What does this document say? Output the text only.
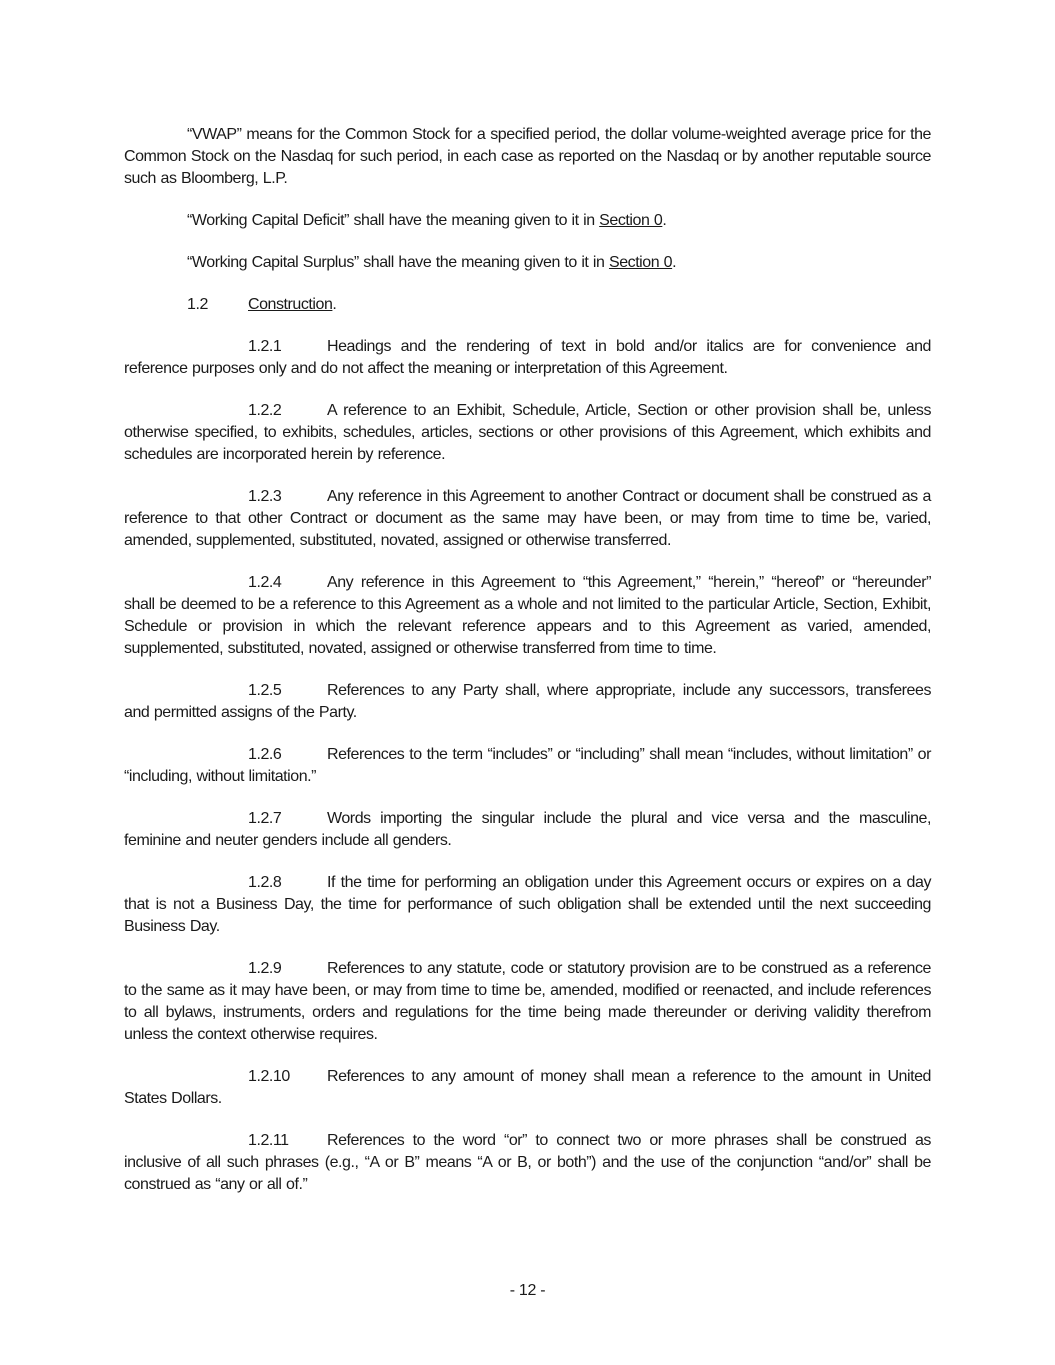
“VWAP” means for the Common Stock for a specified period, the dollar volume-weighted average price for the Common Stock on the Nasdaq for such period, in each case as reported on the Nasdaq or by another reputable source such as Bloomberg, L.P.

“Working Capital Deficit” shall have the meaning given to it in Section 0.

“Working Capital Surplus” shall have the meaning given to it in Section 0.

1.2	Construction.

1.2.1	Headings and the rendering of text in bold and/or italics are for convenience and reference purposes only and do not affect the meaning or interpretation of this Agreement.

1.2.2	A reference to an Exhibit, Schedule, Article, Section or other provision shall be, unless otherwise specified, to exhibits, schedules, articles, sections or other provisions of this Agreement, which exhibits and schedules are incorporated herein by reference.

1.2.3	Any reference in this Agreement to another Contract or document shall be construed as a reference to that other Contract or document as the same may have been, or may from time to time be, varied, amended, supplemented, substituted, novated, assigned or otherwise transferred.

1.2.4	Any reference in this Agreement to “this Agreement,” “herein,” “hereof” or “hereunder” shall be deemed to be a reference to this Agreement as a whole and not limited to the particular Article, Section, Exhibit, Schedule or provision in which the relevant reference appears and to this Agreement as varied, amended, supplemented, substituted, novated, assigned or otherwise transferred from time to time.

1.2.5	References to any Party shall, where appropriate, include any successors, transferees and permitted assigns of the Party.

1.2.6	References to the term “includes” or “including” shall mean “includes, without limitation” or “including, without limitation.”

1.2.7	Words importing the singular include the plural and vice versa and the masculine, feminine and neuter genders include all genders.

1.2.8	If the time for performing an obligation under this Agreement occurs or expires on a day that is not a Business Day, the time for performance of such obligation shall be extended until the next succeeding Business Day.

1.2.9	References to any statute, code or statutory provision are to be construed as a reference to the same as it may have been, or may from time to time be, amended, modified or reenacted, and include references to all bylaws, instruments, orders and regulations for the time being made thereunder or deriving validity therefrom unless the context otherwise requires.

1.2.10 References to any amount of money shall mean a reference to the amount in United States Dollars.

1.2.11 References to the word “or” to connect two or more phrases shall be construed as inclusive of all such phrases (e.g., “A or B” means “A or B, or both”) and the use of the conjunction “and/or” shall be construed as “any or all of.”

- 12 -
